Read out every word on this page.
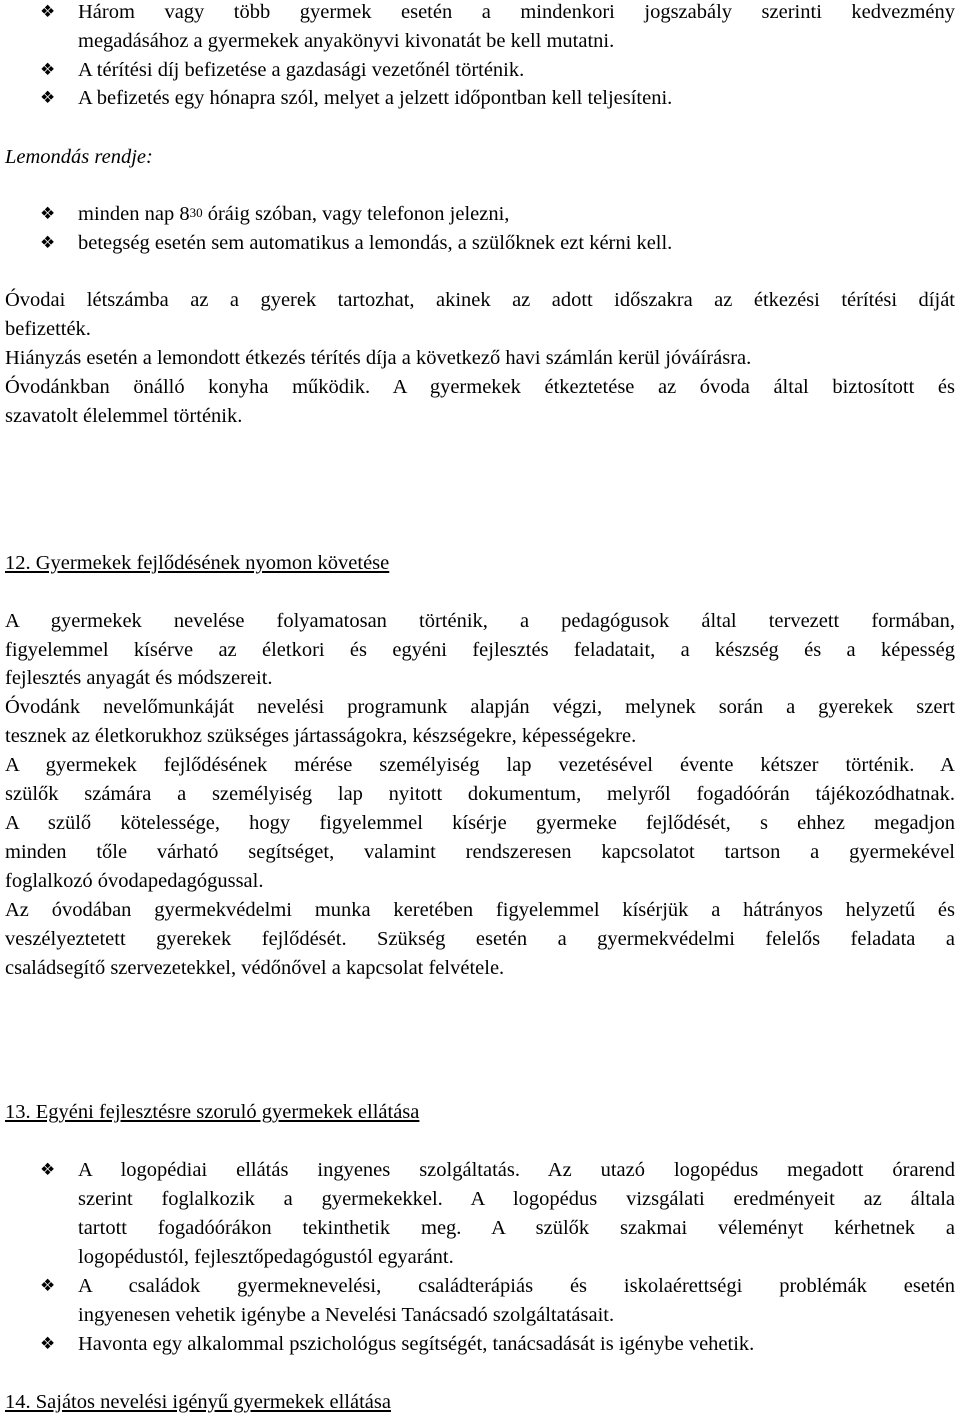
❖ Három vagy több gyermek esetén a mindenkori jogszabály szerinti kedvezmény
megadásához a gyermekek anyakönyvi kivonatát be kell mutatni.
❖ A térítési díj befizetése a gazdasági vezetőnél történik.
❖ A befizetés egy hónapra szól, melyet a jelzett időpontban kell teljesíteni.
Lemondás rendje:
❖ minden nap $8^{30}$ óráig szóban, vagy telefonon jelezni,
❖ betegség esetén sem automatikus a lemondás, a szülőknek ezt kérni kell.
Óvodai létszámba az a gyerek tartozhat, akinek az adott időszakra az étkezési térítési díját
befizették.
Hiányzás esetén a lemondott étkezés térítés díja a következő havi számlán kerül jóváírásra.
Óvodánkban önálló konyha működik. A gyermekek étkeztetése az óvoda által biztosított és
szavatolt élelemmel történik.
12. Gyermekek fejlődésének nyomon követése
A gyermekek nevelése folyamatosan történik, a pedagógusok által tervezett formában,
figyelemmel kísérve az életkori és egyéni fejlesztés feladatait, a készség és a képesség
fejlesztés anyagát és módszereit.
Óvodánk nevelőmunkáját nevelési programunk alapján végzi, melynek során a gyerekek szert
tesznek az életkorukhoz szükséges jártasságokra, készségekre, képességekre.
A gyermekek fejlődésének mérése személyiség lap vezetésével évente kétszer történik. A
szülők számára a személyiség lap nyitott dokumentum, melyről fogadóórán tájékozódhatnak.
A szülő kötelessége, hogy figyelemmel kísérje gyermeke fejlődését, s ehhez megadjon
minden tőle várható segítséget, valamint rendszeresen kapcsolatot tartson a gyermekével
foglalkozó óvodapedagógussal.
Az óvodában gyermekvédelmi munka keretében figyelemmel kísérjük a hátrányos helyzetű és
veszélyeztetett gyerekek fejlődését. Szükség esetén a gyermekvédelmi felelős feladata a
családsegítő szervezetekkel, védőnővel a kapcsolat felvétele.
13. Egyéni fejlesztésre szoruló gyermekek ellátása
❖ A logopédiai ellátás ingyenes szolgáltatás. Az utazó logopédus megadott órarend
szerint foglalkozik a gyermekekkel. A logopédus vizsgálati eredményeit az általa
tartott fogadóórákon tekinthetik meg. A szülők szakmai véleményt kérhetnek a
logopédustól, fejlesztőpedagógustól egyaránt.
❖ A családok gyermeknevelési, családterápiás és iskolaérettségi problémák esetén
ingyenesen vehetik igénybe a Nevelési Tanácsadó szolgáltatásait.
❖ Havonta egy alkalommal pszichológus segítségét, tanácsadását is igénybe vehetik.
14. Sajátos nevelési igényű gyermekek ellátása
